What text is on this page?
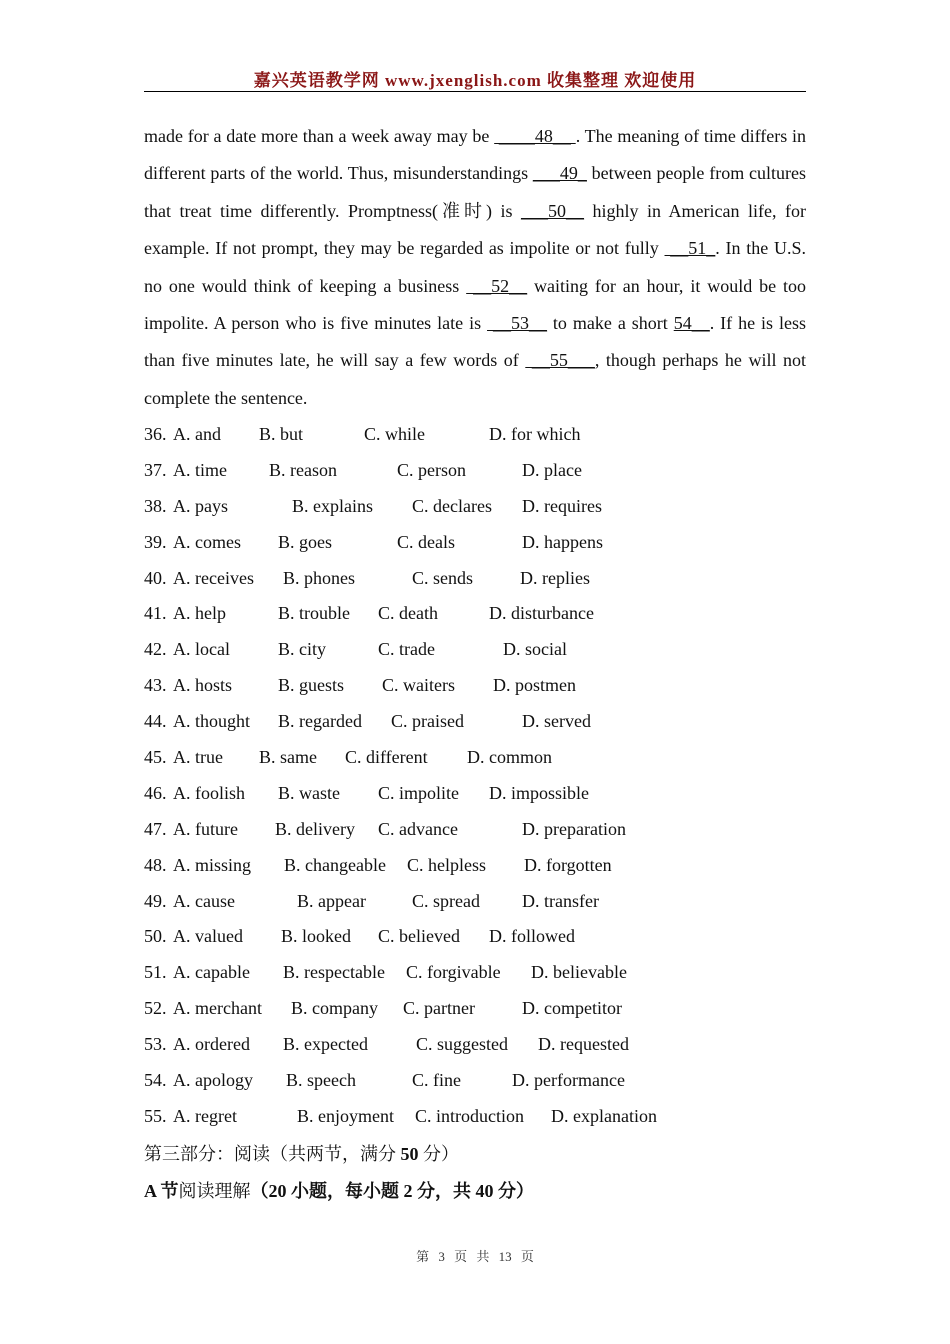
嘉兴英语教学网 www.jxenglish.com 收集整理 欢迎使用

made for a date more than a week away may be  ____48__ . The meaning of time differs in different parts of the world. Thus, misunderstandings ___49_ between people from cultures that treat time differently. Promptness(准时) is ___50__ highly in American life, for example. If not prompt, they may be regarded as impolite or not fully  __51_. In the U.S. no one would think of keeping a business  __52__ waiting for an hour, it would be too impolite. A person who is five minutes late is  __53__ to make a short 54__. If he is less than five minutes late, he will say a few words of  __55___, though perhaps he will not complete the sentence.

36. A. and B. but	C. while	D. for which
37. A. time B. reason	C. person	D. place
38. A. pays	B. explains C. declares D. requires
39. A. comes B. goes	C. deals	D. happens
40. A. receives B. phones	C. sends	D. replies
41. A. help	B. trouble C. death	D. disturbance
42. A. local	B. city	C. trade	D. social
43. A. hosts	B. guests C. waiters D. postmen
44. A. thought B. regarded C. praised	D. served
45. A. true B. same C. different D. common
46. A. foolish B. waste C. impolite D. impossible
47. A. future B. delivery C. advance	D. preparation
48. A. missing B. changeable C. helpless D. forgotten
49. A. cause	B. appear	C. spread D. transfer
50. A. valued B. looked C. believed D. followed
51. A. capable B. respectable C. forgivable D. believable
52. A. merchant B. company C. partner	D. competitor
53. A. ordered B. expected	C. suggested D. requested
54. A. apology B. speech	C. fine	D. performance
55. A. regret	B. enjoyment C. introduction D. explanation
第三部分：阅读（共两节，满分 50 分）
A 节阅读理解（20 小题，每小题 2 分，共 40 分）
第 3 页 共 13 页
